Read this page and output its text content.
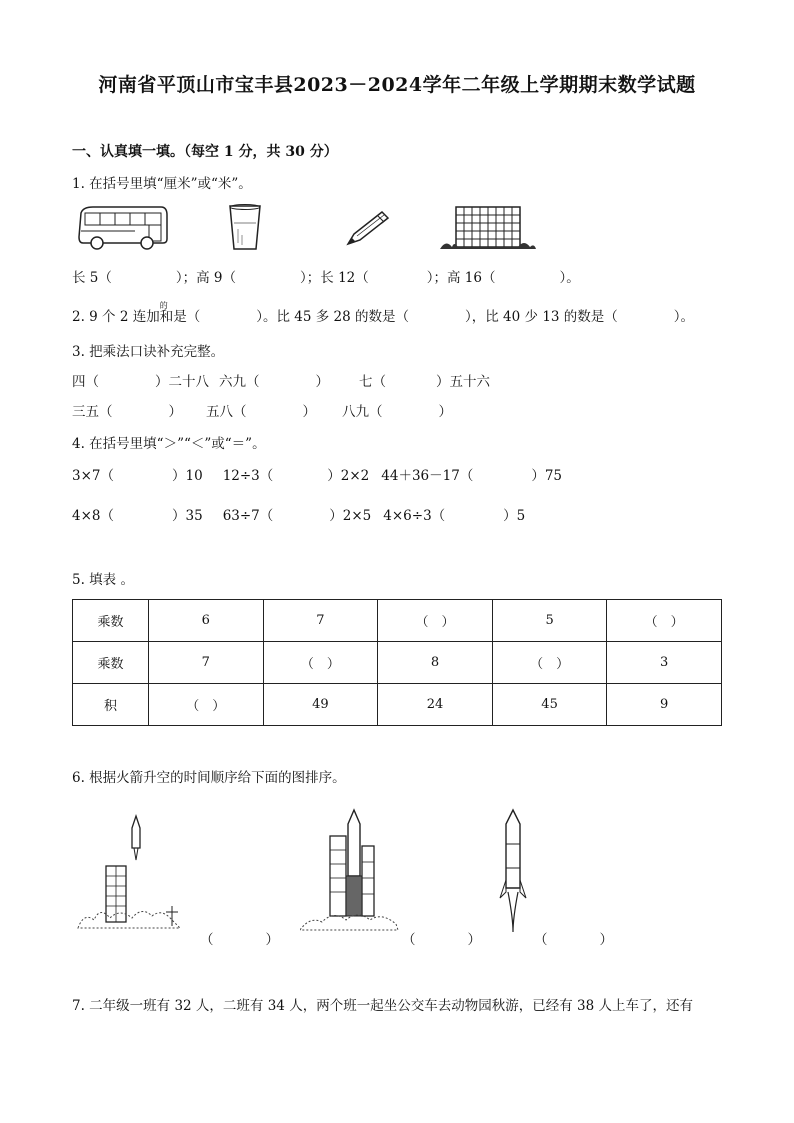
河南省平顶山市宝丰县2023－2024学年二年级上学期期末数学试题
一、认真填一填。（每空 1 分，共 30 分）
1. 在括号里填“厘米”或“米”。
长 5（	）；高 9（	）；长 12（	）；高 16（	）。
2. 9 个 2 连加
的
和是（	）。比 45 多 28 的数是（	），比 40 少 13 的数是（	）。
3. 把乘法口诀补充完整。
四（	）二十八 六九（	） 七（	）五十六
三五（	） 五八（	） 八九（	）
4. 在括号里填“＞”“＜”或“＝”。
3×7（	）10 12÷3（	）2×2 44＋36－17（	）75
4×8（	）35 63÷7（	）2×5 4×6÷3（	）5
5. 填表 。
乘数	6	7	（　）	5	（　）
乘数	7	（　）	8	（　）	3
积	（　）	49	24	45	9
6. 根据火箭升空的时间顺序给下面的图排序。
（	）	（	）	（	）
7. 二年级一班有 32 人，二班有 34 人，两个班一起坐公交车去动物园秋游，已经有 38 人上车了，还有
